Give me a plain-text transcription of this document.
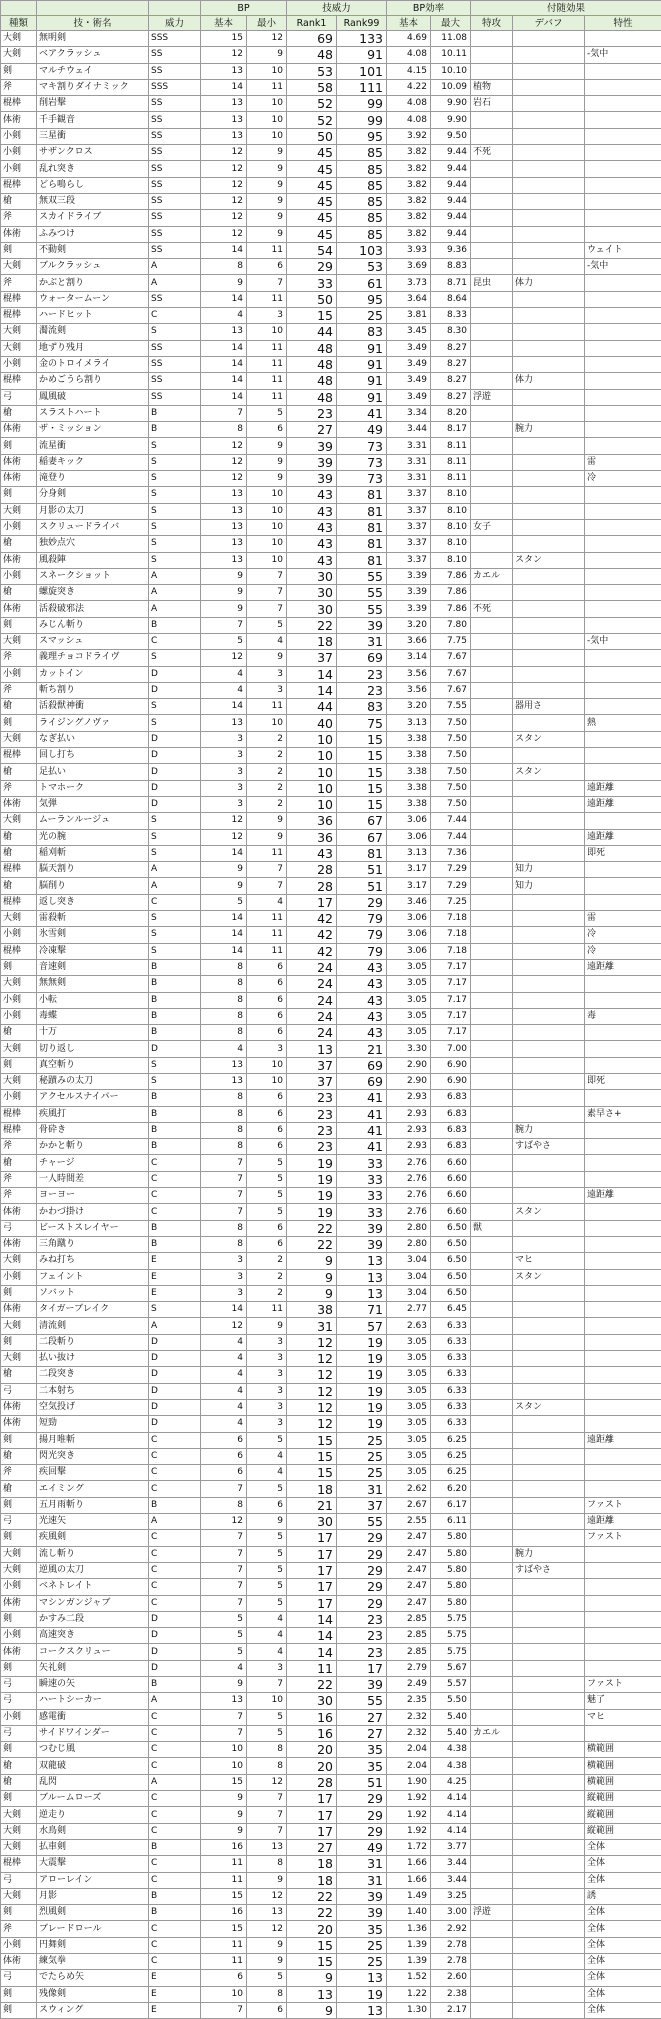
			BP		技威力		BP効率		付随効果		
種類	技・術名	威力	基本	最小	Rank1	Rank99	基本	最大	特攻	デバフ	特性
大剣	無明剣	SSS	15	12	69	133	4.69	11.08			
大剣	ベアクラッシュ	SS	12	9	48	91	4.08	10.11			-気中
剣	マルチウェイ	SS	13	10	53	101	4.15	10.10			
斧	マキ割りダイナミック	SSS	14	11	58	111	4.22	10.09	植物		
棍棒	削岩撃	SS	13	10	52	99	4.08	9.90	岩石		
体術	千手観音	SS	13	10	52	99	4.08	9.90			
小剣	三星衝	SS	13	10	50	95	3.92	9.50			
小剣	サザンクロス	SS	12	9	45	85	3.82	9.44	不死		
小剣	乱れ突き	SS	12	9	45	85	3.82	9.44			
棍棒	どら鳴らし	SS	12	9	45	85	3.82	9.44			
槍	無双三段	SS	12	9	45	85	3.82	9.44			
斧	スカイドライブ	SS	12	9	45	85	3.82	9.44			
体術	ふみつけ	SS	12	9	45	85	3.82	9.44			
剣	不動剣	SS	14	11	54	103	3.93	9.36			ウェイト
大剣	ブルクラッシュ	A	8	6	29	53	3.69	8.83			-気中
斧	かぶと割り	A	9	7	33	61	3.73	8.71	昆虫	体力	
棍棒	ウォータームーン	SS	14	11	50	95	3.64	8.64			
棍棒	ハードヒット	C	4	3	15	25	3.81	8.33			
大剣	濁流剣	S	13	10	44	83	3.45	8.30			
大剣	地ずり残月	SS	14	11	48	91	3.49	8.27			
小剣	金のトロイメライ	SS	14	11	48	91	3.49	8.27			
棍棒	かめごうら割り	SS	14	11	48	91	3.49	8.27		体力	
弓	鳳風破	SS	14	11	48	91	3.49	8.27	浮遊		
槍	スラストハート	B	7	5	23	41	3.34	8.20			
体術	ザ・ミッション	B	8	6	27	49	3.44	8.17		腕力	
剣	流星衝	S	12	9	39	73	3.31	8.11			
体術	稲妻キック	S	12	9	39	73	3.31	8.11			雷
体術	滝登り	S	12	9	39	73	3.31	8.11			冷
剣	分身剣	S	13	10	43	81	3.37	8.10			
大剣	月影の太刀	S	13	10	43	81	3.37	8.10			
小剣	スクリュードライバ	S	13	10	43	81	3.37	8.10	女子		
槍	独妙点穴	S	13	10	43	81	3.37	8.10			
体術	風殺陣	S	13	10	43	81	3.37	8.10		スタン	
小剣	スネークショット	A	9	7	30	55	3.39	7.86	カエル		
槍	螺旋突き	A	9	7	30	55	3.39	7.86			
体術	活殺破邪法	A	9	7	30	55	3.39	7.86	不死		
剣	みじん斬り	B	7	5	22	39	3.20	7.80			
大剣	スマッシュ	C	5	4	18	31	3.66	7.75			-気中
斧	義理チョコドライヴ	S	12	9	37	69	3.14	7.67			
小剣	カットイン	D	4	3	14	23	3.56	7.67			
斧	斬ち割り	D	4	3	14	23	3.56	7.67			
槍	活殺獣神衝	S	14	11	44	83	3.20	7.55		器用さ	
剣	ライジングノヴァ	S	13	10	40	75	3.13	7.50			熱
大剣	なぎ払い	D	3	2	10	15	3.38	7.50		スタン	
棍棒	回し打ち	D	3	2	10	15	3.38	7.50			
槍	足払い	D	3	2	10	15	3.38	7.50		スタン	
斧	トマホーク	D	3	2	10	15	3.38	7.50			遠距離
体術	気弾	D	3	2	10	15	3.38	7.50			遠距離
大剣	ムーランルージュ	S	12	9	36	67	3.06	7.44			
槍	光の腕	S	12	9	36	67	3.06	7.44			遠距離
槍	稲刈斬	S	14	11	43	81	3.13	7.36			即死
棍棒	脳天割り	A	9	7	28	51	3.17	7.29		知力	
槍	脳削り	A	9	7	28	51	3.17	7.29		知力	
棍棒	返し突き	C	5	4	17	29	3.46	7.25			
大剣	雷殺斬	S	14	11	42	79	3.06	7.18			雷
小剣	氷雪剣	S	14	11	42	79	3.06	7.18			冷
棍棒	冷凍撃	S	14	11	42	79	3.06	7.18			冷
剣	音速剣	B	8	6	24	43	3.05	7.17			遠距離
大剣	無無剣	B	8	6	24	43	3.05	7.17			
小剣	小転	B	8	6	24	43	3.05	7.17			
小剣	毒蝶	B	8	6	24	43	3.05	7.17			毒
槍	十万	B	8	6	24	43	3.05	7.17			
大剣	切り返し	D	4	3	13	21	3.30	7.00			
剣	真空斬り	S	13	10	37	69	2.90	6.90			
大剣	秘蹟みの太刀	S	13	10	37	69	2.90	6.90			即死
小剣	アクセルスナイパー	B	8	6	23	41	2.93	6.83			
棍棒	疾風打	B	8	6	23	41	2.93	6.83			素早さ+
棍棒	骨砕き	B	8	6	23	41	2.93	6.83		腕力	
斧	かかと斬り	B	8	6	23	41	2.93	6.83		すばやさ	
槍	チャージ	C	7	5	19	33	2.76	6.60			
斧	一人時間差	C	7	5	19	33	2.76	6.60			
斧	ヨーヨー	C	7	5	19	33	2.76	6.60			遠距離
体術	かわづ掛け	C	7	5	19	33	2.76	6.60		スタン	
弓	ビーストスレイヤー	B	8	6	22	39	2.80	6.50	獣		
体術	三角蹴り	B	8	6	22	39	2.80	6.50			
大剣	みね打ち	E	3	2	9	13	3.04	6.50		マヒ	
小剣	フェイント	E	3	2	9	13	3.04	6.50		スタン	
剣	ソバット	E	3	2	9	13	3.04	6.50			
体術	タイガーブレイク	S	14	11	38	71	2.77	6.45			
大剣	清流剣	A	12	9	31	57	2.63	6.33			
剣	二段斬り	D	4	3	12	19	3.05	6.33			
大剣	払い抜け	D	4	3	12	19	3.05	6.33			
槍	二段突き	D	4	3	12	19	3.05	6.33			
弓	二本射ち	D	4	3	12	19	3.05	6.33			
体術	空気投げ	D	4	3	12	19	3.05	6.33		スタン	
体術	短勁	D	4	3	12	19	3.05	6.33			
剣	揚月唯斬	C	6	5	15	25	3.05	6.25			遠距離
槍	閃光突き	C	6	4	15	25	3.05	6.25			
斧	疾回撃	C	6	4	15	25	3.05	6.25			
槍	エイミング	C	7	5	18	31	2.62	6.20			
剣	五月雨斬り	B	8	6	21	37	2.67	6.17			ファスト
弓	光速矢	A	12	9	30	55	2.55	6.11			遠距離
剣	疾風剣	C	7	5	17	29	2.47	5.80			ファスト
大剣	流し斬り	C	7	5	17	29	2.47	5.80		腕力	
大剣	逆風の太刀	C	7	5	17	29	2.47	5.80		すばやさ	
小剣	ベネトレイト	C	7	5	17	29	2.47	5.80			
体術	マシンガンジャブ	C	7	5	17	29	2.47	5.80			
剣	かすみ二段	D	5	4	14	23	2.85	5.75			
小剣	高速突き	D	5	4	14	23	2.85	5.75			
体術	コークスクリュー	D	5	4	14	23	2.85	5.75			
剣	矢礼剣	D	4	3	11	17	2.79	5.67			
弓	瞬速の矢	B	9	7	22	39	2.49	5.57			ファスト
弓	ハートシーカー	A	13	10	30	55	2.35	5.50			魅了
小剣	感電衝	C	7	5	16	27	2.32	5.40			マヒ
弓	サイドワインダー	C	7	5	16	27	2.32	5.40	カエル		
剣	つむじ風	C	10	8	20	35	2.04	4.38			横範囲
槍	双龍破	C	10	8	20	35	2.04	4.38			横範囲
槍	乱閃	A	15	12	28	51	1.90	4.25			横範囲
剣	ブルームローズ	C	9	7	17	29	1.92	4.14			縦範囲
大剣	逆走り	C	9	7	17	29	1.92	4.14			縦範囲
大剣	水鳥剣	C	9	7	17	29	1.92	4.14			縦範囲
大剣	払車剣	B	16	13	27	49	1.72	3.77			全体
棍棒	大震撃	C	11	8	18	31	1.66	3.44			全体
弓	アローレイン	C	11	9	18	31	1.66	3.44			全体
大剣	月影	B	15	12	22	39	1.49	3.25			誘
剣	烈風剣	B	16	13	22	39	1.40	3.00	浮遊		全体
斧	ブレードロール	C	15	12	20	35	1.36	2.92			全体
小剣	円舞剣	C	11	9	15	25	1.39	2.78			全体
体術	練気拳	C	11	9	15	25	1.39	2.78			全体
弓	でたらめ矢	E	6	5	9	13	1.52	2.60			全体
剣	残像剣	E	10	8	13	19	1.22	2.38			全体
剣	スウィング	E	7	6	9	13	1.30	2.17			全体
